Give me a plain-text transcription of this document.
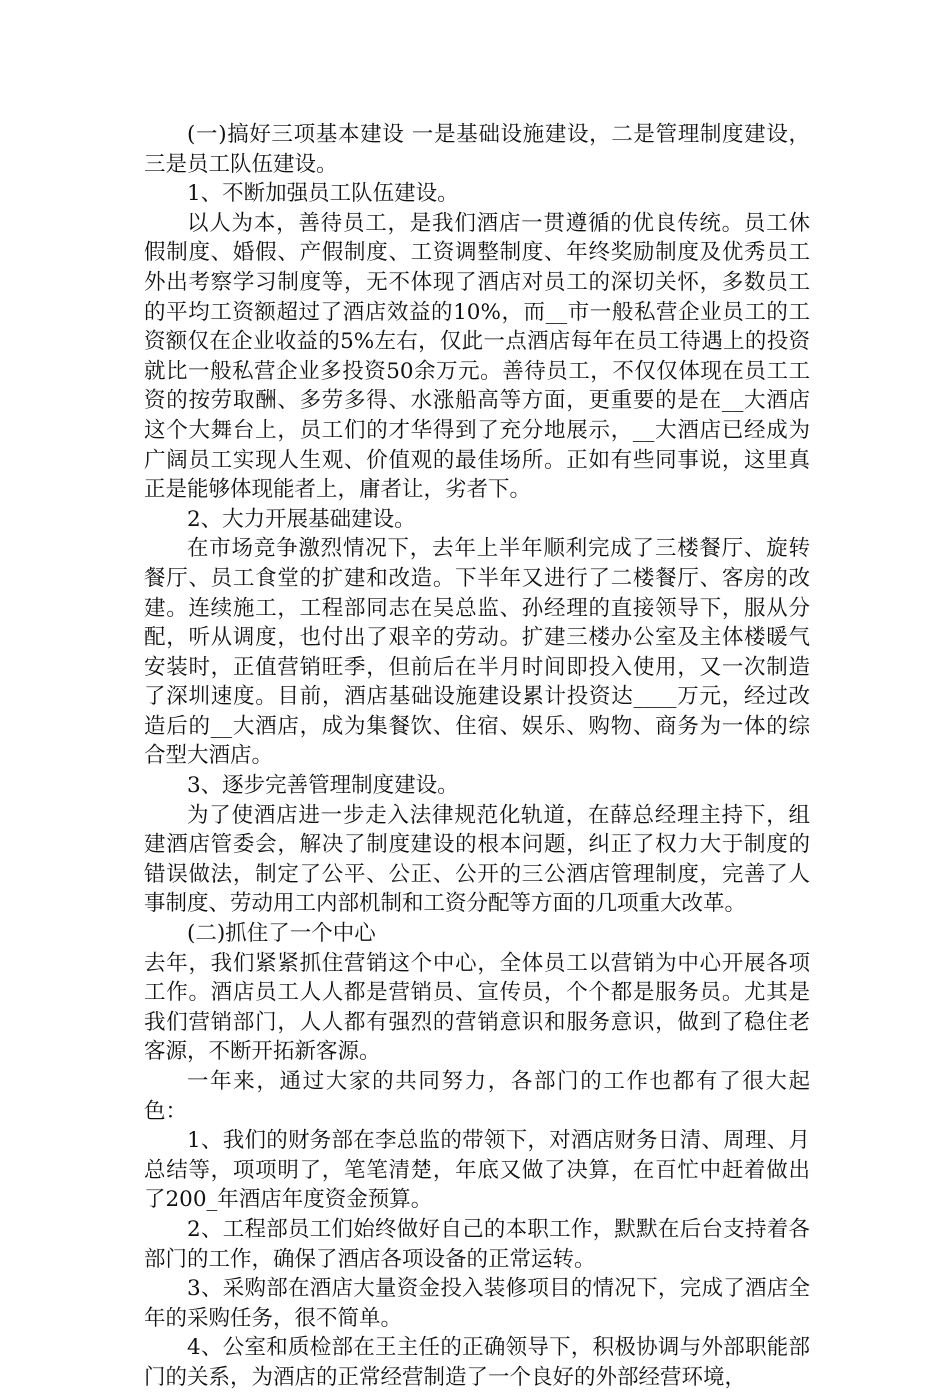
(一)搞好三项基本建设 一是基础设施建设，二是管理制度建设，三是员工队伍建设。

1、不断加强员工队伍建设。

以人为本，善待员工，是我们酒店一贯遵循的优良传统。员工休假制度、婚假、产假制度、工资调整制度、年终奖励制度及优秀员工外出考察学习制度等，无不体现了酒店对员工的深切关怀，多数员工的平均工资额超过了酒店效益的10%，而__市一般私营企业员工的工资额仅在企业收益的5%左右，仅此一点酒店每年在员工待遇上的投资就比一般私营企业多投资50余万元。善待员工，不仅仅体现在员工工资的按劳取酬、多劳多得、水涨船高等方面，更重要的是在__大酒店这个大舞台上，员工们的才华得到了充分地展示，__大酒店已经成为广阔员工实现人生观、价值观的最佳场所。正如有些同事说，这里真正是能够体现能者上，庸者让，劣者下。

2、大力开展基础建设。

在市场竞争激烈情况下，去年上半年顺利完成了三楼餐厅、旋转餐厅、员工食堂的扩建和改造。下半年又进行了二楼餐厅、客房的改建。连续施工，工程部同志在吴总监、孙经理的直接领导下，服从分配，听从调度，也付出了艰辛的劳动。扩建三楼办公室及主体楼暖气安装时，正值营销旺季，但前后在半月时间即投入使用，又一次制造了深圳速度。目前，酒店基础设施建设累计投资达____万元，经过改造后的__大酒店，成为集餐饮、住宿、娱乐、购物、商务为一体的综合型大酒店。

3、逐步完善管理制度建设。

为了使酒店进一步走入法律规范化轨道，在薛总经理主持下，组建酒店管委会，解决了制度建设的根本问题，纠正了权力大于制度的错误做法，制定了公平、公正、公开的三公酒店管理制度，完善了人事制度、劳动用工内部机制和工资分配等方面的几项重大改革。

(二)抓住了一个中心

去年，我们紧紧抓住营销这个中心，全体员工以营销为中心开展各项工作。酒店员工人人都是营销员、宣传员，个个都是服务员。尤其是我们营销部门，人人都有强烈的营销意识和服务意识，做到了稳住老客源，不断开拓新客源。

一年来，通过大家的共同努力，各部门的工作也都有了很大起色：

1、我们的财务部在李总监的带领下，对酒店财务日清、周理、月总结等，项项明了，笔笔清楚，年底又做了决算，在百忙中赶着做出了200_年酒店年度资金预算。

2、工程部员工们始终做好自己的本职工作，默默在后台支持着各部门的工作，确保了酒店各项设备的正常运转。

3、采购部在酒店大量资金投入装修项目的情况下，完成了酒店全年的采购任务，很不简单。

4、公室和质检部在王主任的正确领导下，积极协调与外部职能部门的关系，为酒店的正常经营制造了一个良好的外部经营环境，
